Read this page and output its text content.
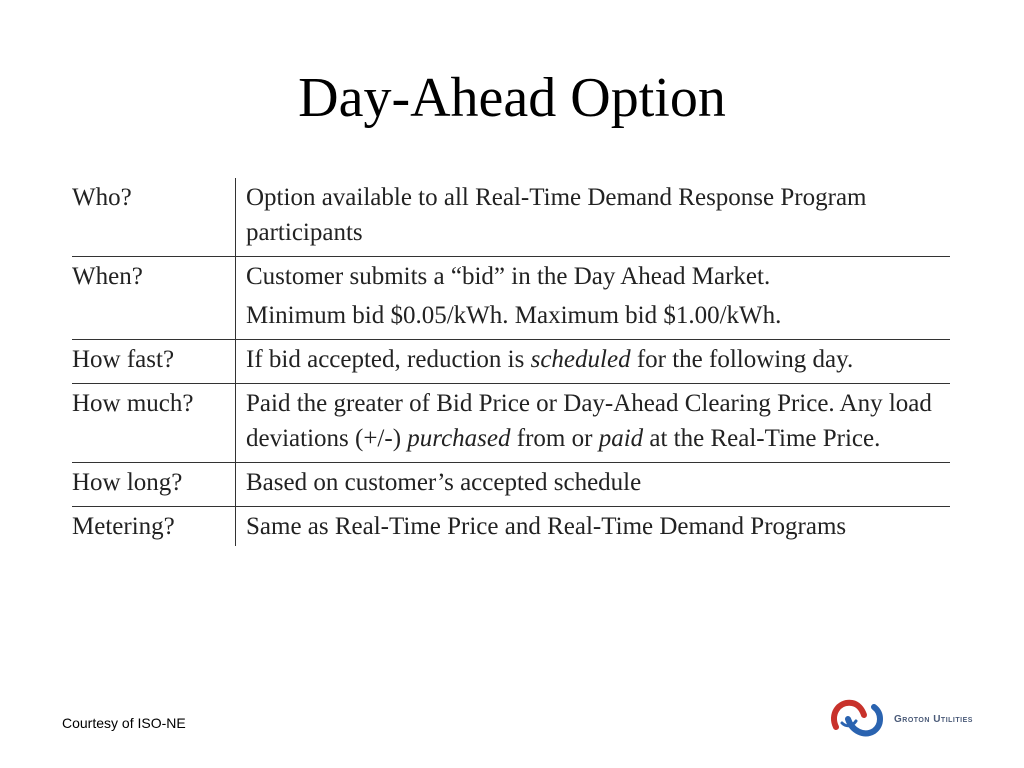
Day-Ahead Option
Who?	Option available to all Real-Time Demand Response Program participants
When?	Customer submits a “bid” in the Day Ahead Market.
Minimum bid $0.05/kWh. Maximum bid $1.00/kWh.

How fast?	If bid accepted, reduction is scheduled for the following day.
How much?	Paid the greater of Bid Price or Day-Ahead Clearing Price. Any load deviations (+/-) purchased from or paid at the Real-Time Price.
How long?	Based on customer’s accepted schedule
Metering?	Same as Real-Time Price and Real-Time Demand Programs
Courtesy of ISO-NE	Groton Utilities
